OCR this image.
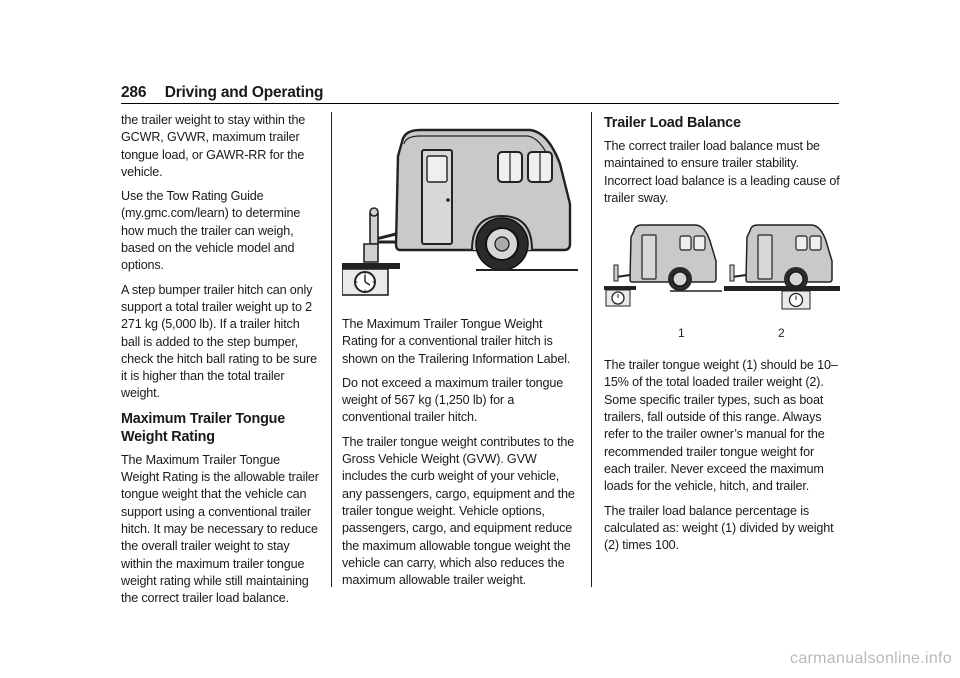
286 Driving and Operating

the trailer weight to stay within the GCWR, GVWR, maximum trailer tongue load, or GAWR-RR for the vehicle.

Use the Tow Rating Guide (my.gmc.com/learn) to determine how much the trailer can weigh, based on the vehicle model and options.

A step bumper trailer hitch can only support a total trailer weight up to 2 271 kg (5,000 lb). If a trailer hitch ball is added to the step bumper, check the hitch ball rating to be sure it is higher than the total trailer weight.

Maximum Trailer Tongue Weight Rating

The Maximum Trailer Tongue Weight Rating is the allowable trailer tongue weight that the vehicle can support using a conventional trailer hitch. It may be necessary to reduce the overall trailer weight to stay within the maximum trailer tongue weight rating while still maintaining the correct trailer load balance.

The Maximum Trailer Tongue Weight Rating for a conventional trailer hitch is shown on the Trailering Information Label.

Do not exceed a maximum trailer tongue weight of 567 kg (1,250 lb) for a conventional trailer hitch.

The trailer tongue weight contributes to the Gross Vehicle Weight (GVW). GVW includes the curb weight of your vehicle, any passengers, cargo, equipment and the trailer tongue weight. Vehicle options, passengers, cargo, and equipment reduce the maximum allowable tongue weight the vehicle can carry, which also reduces the maximum allowable trailer weight.

Trailer Load Balance

The correct trailer load balance must be maintained to ensure trailer stability. Incorrect load balance is a leading cause of trailer sway.

1	2

The trailer tongue weight (1) should be 10–15% of the total loaded trailer weight (2). Some specific trailer types, such as boat trailers, fall outside of this range. Always refer to the trailer owner’s manual for the recommended trailer tongue weight for each trailer. Never exceed the maximum loads for the vehicle, hitch, and trailer.

The trailer load balance percentage is calculated as: weight (1) divided by weight (2) times 100.

carmanualsonline.info
